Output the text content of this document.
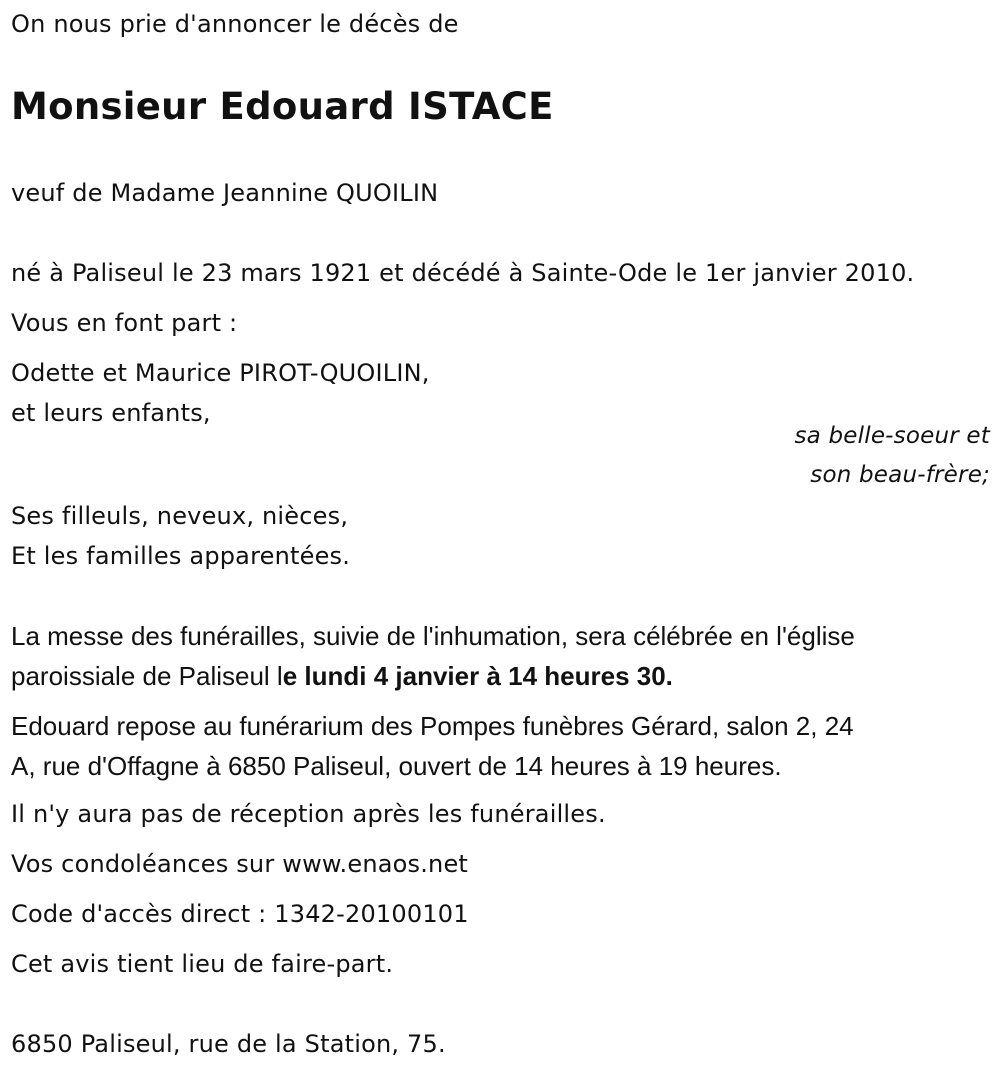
On nous prie d'annoncer le décès de
Monsieur Edouard ISTACE
veuf de Madame Jeannine QUOILIN
né à Paliseul le 23 mars 1921 et décédé à Sainte-Ode le 1er janvier 2010.
Vous en font part :
Odette et Maurice PIROT-QUOILIN,
et leurs enfants,
sa belle-soeur et
son beau-frère;
Ses filleuls, neveux, nièces,
Et les familles apparentées.
La messe des funérailles, suivie de l'inhumation, sera célébrée en l'église
paroissiale de Paliseul le lundi 4 janvier à 14 heures 30.
Edouard repose au funérarium des Pompes funèbres Gérard, salon 2, 24
A, rue d'Offagne à 6850 Paliseul, ouvert de 14 heures à 19 heures.
Il n'y aura pas de réception après les funérailles.
Vos condoléances sur www.enaos.net
Code d'accès direct : 1342-20100101
Cet avis tient lieu de faire-part.
6850 Paliseul, rue de la Station, 75.
